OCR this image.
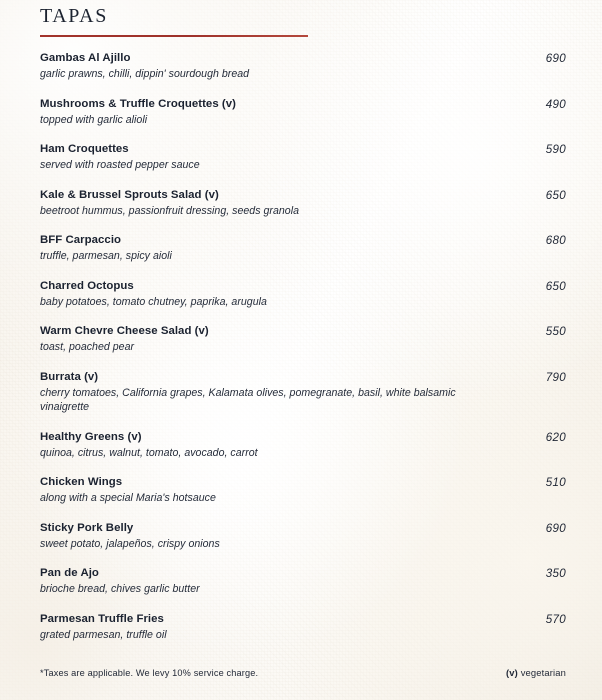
TAPAS
Gambas Al Ajillo
garlic prawns, chilli, dippin' sourdough bread
690
Mushrooms & Truffle Croquettes (v)
topped with garlic alioli
490
Ham Croquettes
served with roasted pepper sauce
590
Kale & Brussel Sprouts Salad (v)
beetroot hummus, passionfruit dressing, seeds granola
650
BFF Carpaccio
truffle, parmesan, spicy aioli
680
Charred Octopus
baby potatoes, tomato chutney, paprika, arugula
650
Warm Chevre Cheese Salad (v)
toast, poached pear
550
Burrata (v)
cherry tomatoes, California grapes, Kalamata olives, pomegranate, basil, white balsamic vinaigrette
790
Healthy Greens (v)
quinoa, citrus, walnut, tomato, avocado, carrot
620
Chicken Wings
along with a special Maria's hotsauce
510
Sticky Pork Belly
sweet potato, jalapeños, crispy onions
690
Pan de Ajo
brioche bread, chives garlic butter
350
Parmesan Truffle Fries
grated parmesan, truffle oil
570
*Taxes are applicable. We levy 10% service charge.	(v) vegetarian
